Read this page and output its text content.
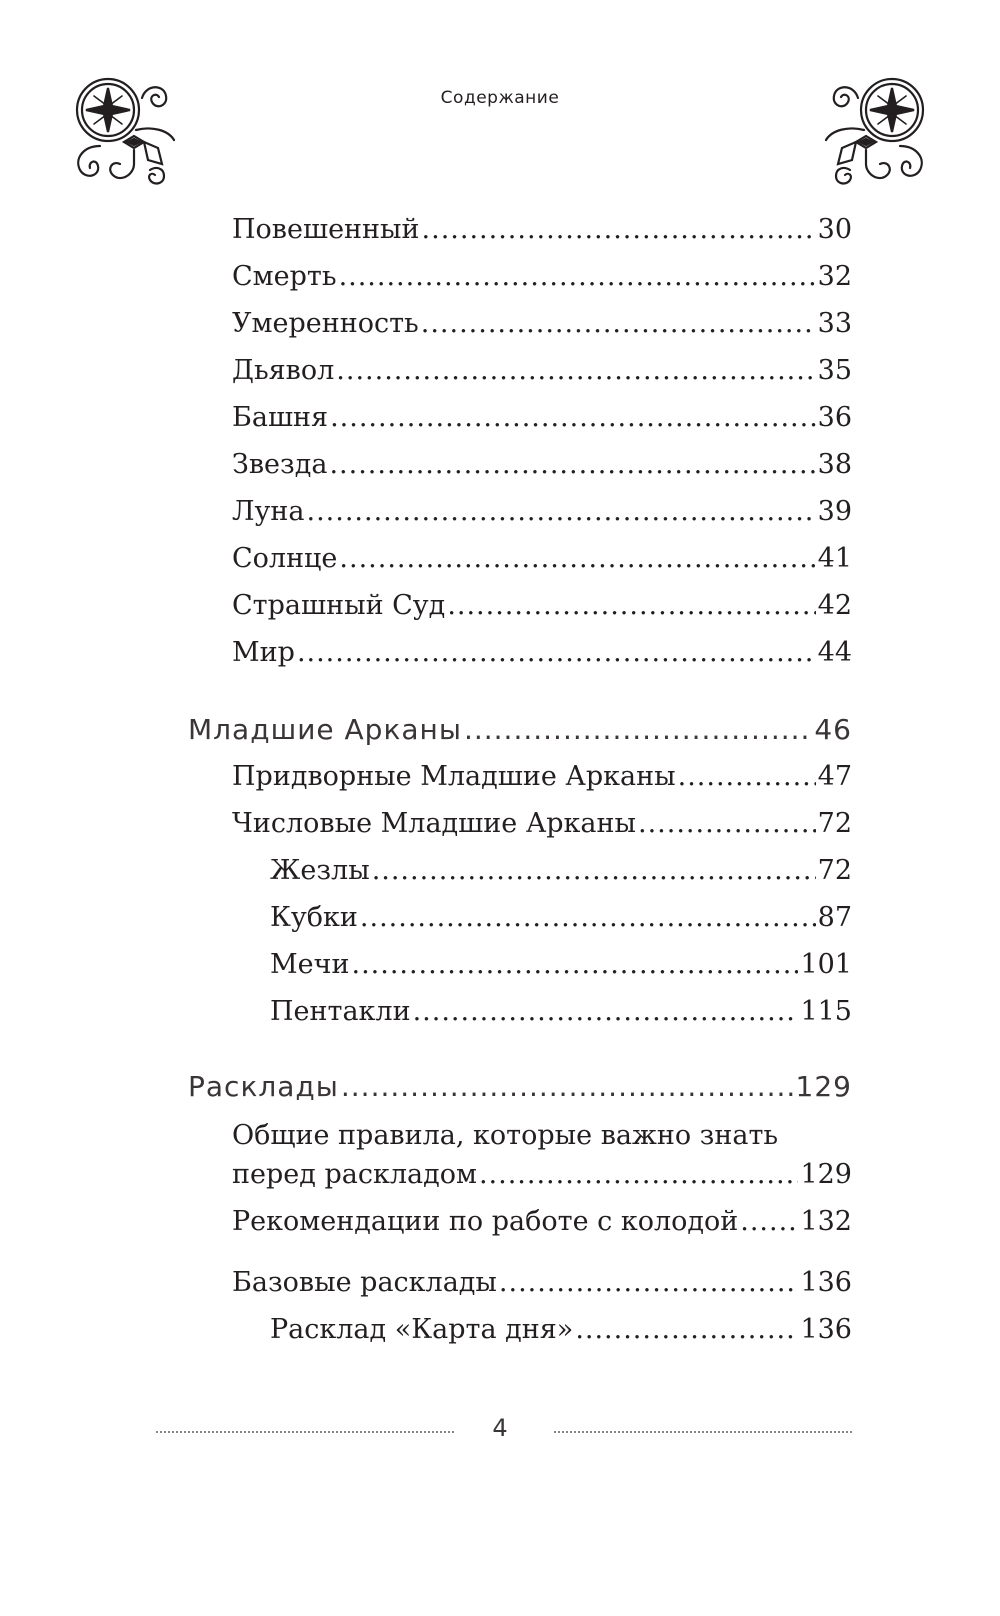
Содержание
Повешенный .....	30
Смерть .....	32
Умеренность .....	33
Дьявол .....	35
Башня .....	36
Звезда .....	38
Луна .....	39
Солнце .....	41
Страшный Суд .....	42
Мир .....	44
Младшие Арканы .....	46
Придворные Младшие Арканы .....	47
Числовые Младшие Арканы .....	72
Жезлы .....	72
Кубки .....	87
Мечи .....	101
Пентакли .....	115
Расклады .....	129
Общие правила, которые важно знать
перед раскладом .....	129
Рекомендации по работе с колодой ..... 132
Базовые расклады .....	136
Расклад «Карта дня» .....	136
4
